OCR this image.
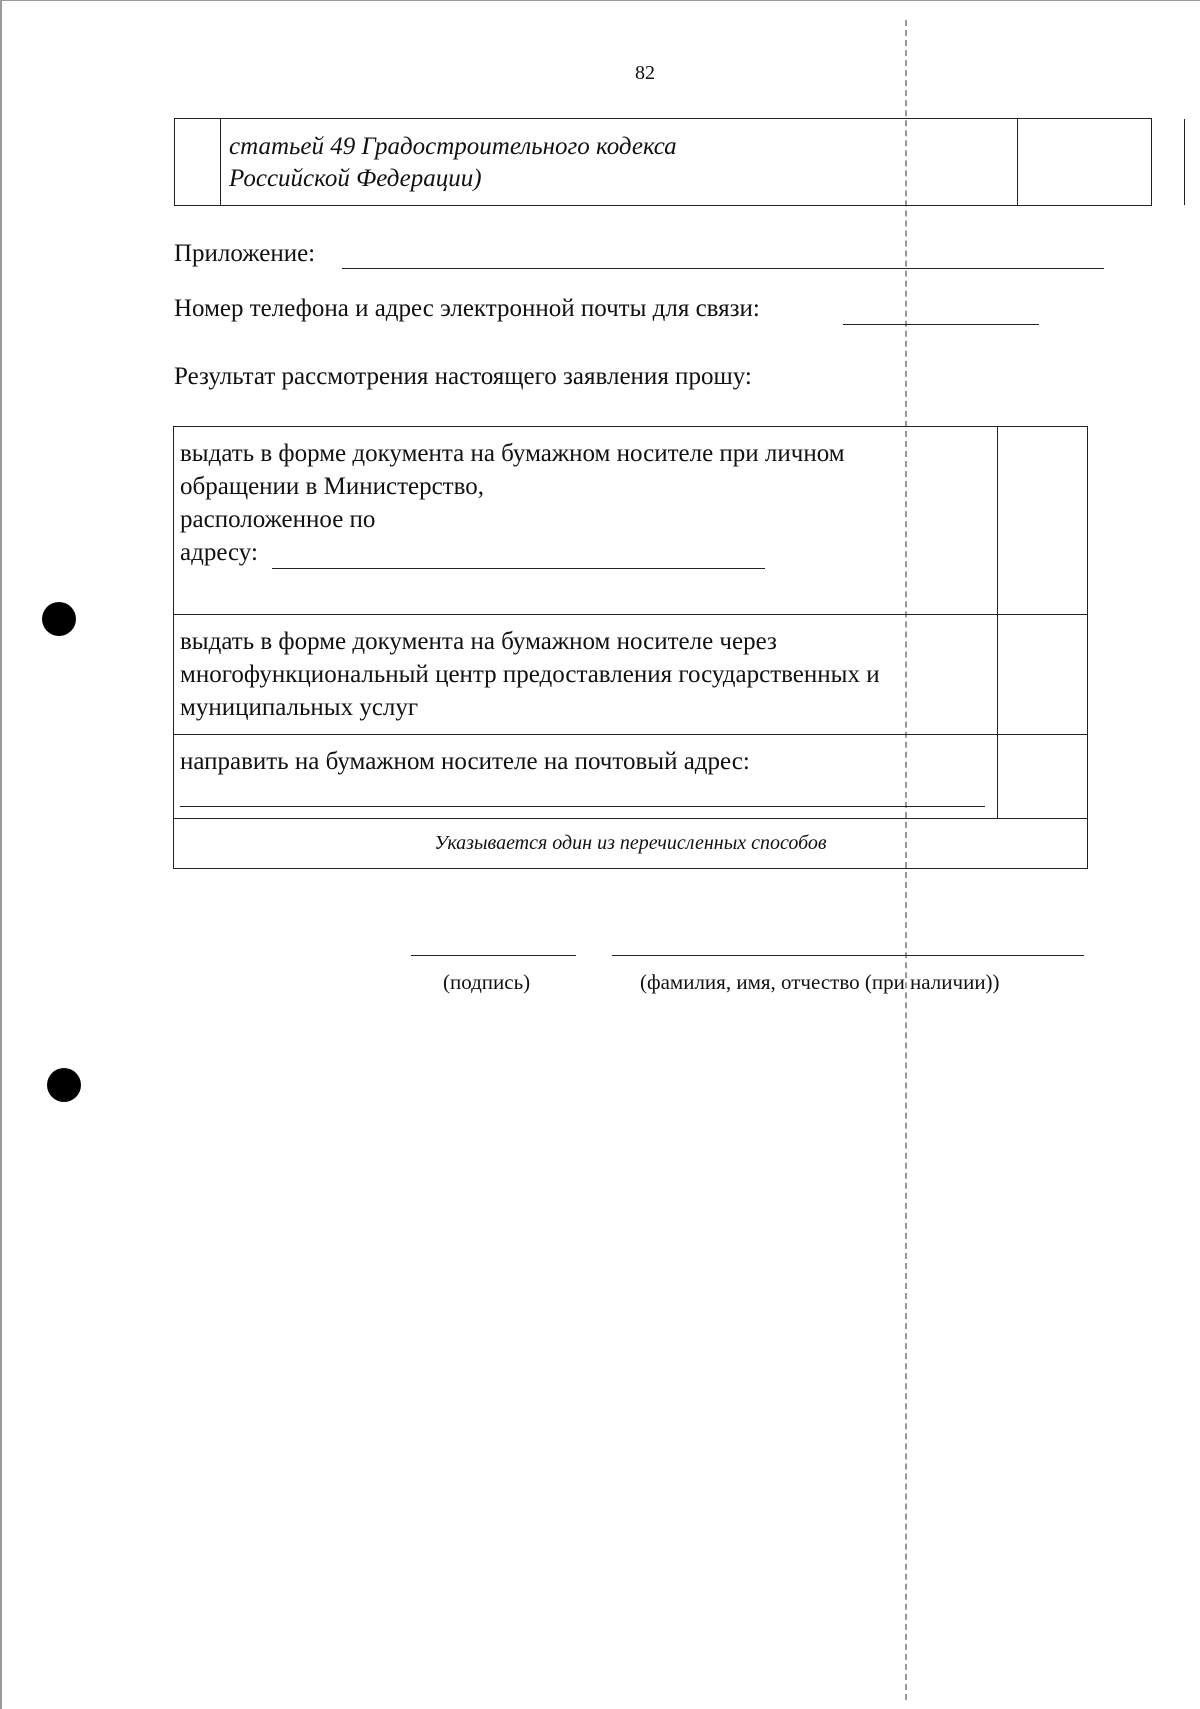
82
статьей 49 Градостроительного кодекса
Российской Федерации)
Приложение:
Номер телефона и адрес электронной почты для связи:
Результат рассмотрения настоящего заявления прошу:
выдать в форме документа на бумажном носителе при личном
обращении в Министерство,
расположенное по
адресу:
выдать в форме документа на бумажном носителе через
многофункциональный центр предоставления государственных и
муниципальных услуг
направить на бумажном носителе на почтовый адрес:
Указывается один из перечисленных способов
(подпись)	(фамилия, имя, отчество (при наличии))
